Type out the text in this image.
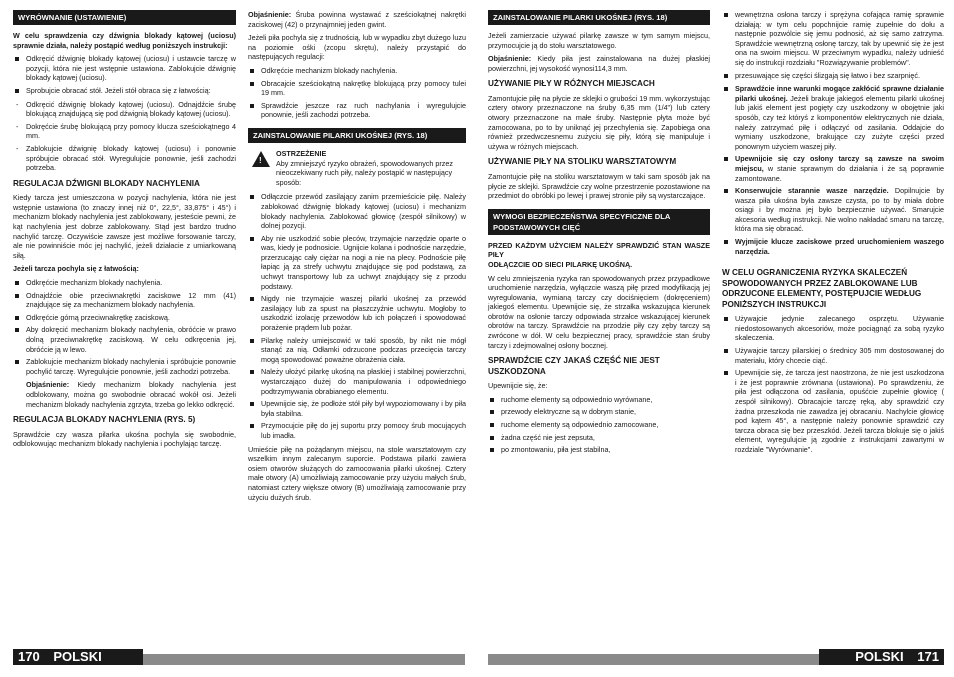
WYRÓWNANIE (USTAWIENIE)

W celu sprawdzenia czy dźwignia blokady kątowej (uciosu) sprawnie działa, należy postąpić według poniższych instrukcji:

Odkręcić dźwignię blokady kątowej (uciosu) i ustawcie tarczę w pozycji, która nie jest wstępnie ustawiona. Zablokujcie dźwignię blokady kątowej (uciosu).
Sprobujcie obracać stół. Jeżeli stół obraca się z łatwością:
- Odkręcić dźwignię blokady kątowej (uciosu). Odnajdźcie śrubę blokującą znajdującą się pod dźwignią blokady kątowej (uciosu).
- Dokręćcie śrubę blokującą przy pomocy klucza sześciokątnego 4 mm.
- Zablokujcie dźwignię blokady kątowej (uciosu) i ponownie spróbujcie obracać stół. Wyregulujcie ponownie, jeśli zachodzi potrzeba.
REGULACJA DŹWIGNI BLOKADY NACHYLENIA

Kiedy tarcza jest umieszczona w pozycji nachylenia, która nie jest wstępnie ustawiona (to znaczy innej niż 0°, 22,5°, 33,875° i 45°) i mechanizm blokady nachylenia jest zablokowany, jesteście pewni, że kąt nachylenia jest dobrze zablokowany. Stąd jest bardzo trudno nachylić tarczę. Oczywiście zawsze jest możliwe forsowanie tarczy, ale nie powinniście móc jej nachylić, jeżeli działacie z umiarkowaną siłą.

Jeżeli tarcza pochyla się z łatwością:

Odkręćcie mechanizm blokady nachylenia.
Odnajdźcie obie przeciwnakrętki zaciskowe 12 mm (41) znajdujące się za mechanizmem blokady nachylenia.
Odkręćcie górną przeciwnakrętkę zaciskową.
Aby dokręcić mechanizm blokady nachylenia, obróćcie w prawo dolną przeciwnakrętkę zaciskową. W celu odkręcenia jej, obróćcie ją w lewo.
Zablokujcie mechanizm blokady nachylenia i spróbujcie ponownie pochylić tarczę. Wyregulujcie ponownie, jeśli zachodzi potrzeba.

Objaśnienie: Kiedy mechanizm blokady nachylenia jest odblokowany, można go swobodnie obracać wokół osi. Jeżeli mechanizm blokady nachylenia zgrzyta, trzeba go lekko odkręcić.

REGULACJA BLOKADY NACHYLENIA (RYS. 5)

Sprawdźcie czy wasza pilarka ukośna pochyla się swobodnie, odblokowując mechanizm blokady nachylenia i pochylając tarczę.

Objaśnienie: Śruba powinna wystawać z sześciokątnej nakrętki zaciskowej (42) o przynajmniej jeden gwint.

Jeżeli piła pochyla się z trudnością, lub w wypadku zbyt dużego luzu na poziomie ośki (zcopu skrętu), należy przystąpić do następujących regulacji:

Odkręćcie mechanizm blokady nachylenia.
Obracajcie sześciokątną nakrętkę blokującą przy pomocy tulei 19 mm.
Sprawdźcie jeszcze raz ruch nachylania i wyregulujcie ponownie, jeśli zachodzi potrzeba.
ZAINSTALOWANIE PILARKI UKOŚNEJ (RYS. 18)
!
OSTRZEŻENIE
Aby zmniejszyć ryzyko obrażeń, spowodowanych przez nieoczekiwany ruch piły, należy postąpić w następujący sposób:
Odłączcie przewód zasilający zanim przemieścicie piłę. Należy zablokować dźwignię blokady kątowej (uciosu) i mechanizm blokady nachylenia. Zablokować głowicę (zespół silnikowy) w dolnej pozycji.
Aby nie uszkodzić sobie pleców, trzymajcie narzędzie oparte o was, kiedy je podnosicie. Ugnijcie kolana i podnoście narzędzie, przerzucając cały ciężar na nogi a nie na plecy. Podnoście piłę łapiąc ją za strefy uchwytu znajdujące się pod podstawą, za uchwyt transportowy lub za uchwyt znajdujący się z przodu podstawy.
Nigdy nie trzymajcie waszej pilarki ukośnej za przewód zasilający lub za spust na płaszczyźnie uchwytu. Mogłoby to uszkodzić izolację przewodów lub ich połączeń i spowodować porażenie prądem lub pożar.
Pilarkę należy umiejscowić w taki sposób, by nikt nie mógł stanąć za nią. Odłamki odrzucone podczas przecięcia tarczy mogą spowodować poważne obrażenia ciała.
Należy ułożyć pilarkę ukośną na płaskiej i stabilnej powierzchni, wystarczająco dużej do manipulowania i odpowiedniego podtrzymywania obrabianego elementu.
Upewnijcie się, że podłoże stół piły był wypoziomowany i by piła była stabilna.
Przymocujcie piłę do jej suportu przy pomocy śrub mocujących lub imadła.

Umieście piłę na pożądanym miejscu, na stole warsztatowym czy wszelkim innym zalecanym suporcie. Podstawa pilarki zawiera osiem otworów służących do zamocowania pilarki ukośnej. Cztery małe otwory (A) umożliwiają zamocowanie przy użyciu małych śrub, natomiast cztery większe otwory (B) umożliwiają zamocowanie przy użyciu dużych śrub.

ZAINSTALOWANIE PILARKI UKOŚNEJ (RYS. 18)

Jeżeli zamierzacie używać pilarkę zawsze w tym samym miejscu, przymocujcie ją do stołu warsztatowego.

Objaśnienie: Kiedy piła jest zainstalowana na dużej płaskiej powierzchni, jej wysokość wynosi114,3 mm.

UŻYWANIE PIŁY W RÓŻNYCH MIEJSCACH

Zamontujcie piłę na płycie ze sklejki o grubości 19 mm. wykorzystując cztery otwory przeznaczone na śruby 6,35 mm (1/4") lub cztery otwory przeznaczone na małe śruby. Następnie płyta może być zamocowana, po to by uniknąć jej przechylenia się. Zapobiega ona również przedwczesnemu zużyciu się piły, którą się manipuluje i używa w różnych miejscach.

UŻYWANIE PIŁY NA STOLIKU WARSZTATOWYM

Zamontujcie piłę na stoliku warsztatowym w taki sam sposób jak na płycie ze sklejki. Sprawdźcie czy wolne przestrzenie pozostawione na przedmiot do obróbki po lewej i prawej stronie piły są wystarczające.

WYMOGI BEZPIECZEŃSTWA SPECYFICZNE DLA PODSTAWOWYCH CIĘĆ

PRZED KAŻDYM UŻYCIEM NALEŻY SPRAWDZIĆ STAN WASZE PIŁY

ODŁĄCZCIE OD SIECI PILARKĘ UKOŚNĄ.

W celu zmniejszenia ryzyka ran spowodowanych przez przypadkowe uruchomienie narzędzia, wyłączcie waszą piłę przed modyfikacją jej wyregulowania, wymianą tarczy czy dociśnięciem (dokręceniem) jakiegoś elementu. Upewnijcie się, że strzałka wskazująca kierunek obrotów na osłonie tarczy odpowiada strzałce wskazującej kierunek obrotów na tarczy. Sprawdźcie na przodzie piły czy zęby tarczy są zwrócone w dół. W celu bezpiecznej pracy, sprawdźcie stan śruby tarczy i zdejmowalnej osłony bocznej.

SPRAWDŹCIE CZY JAKAŚ CZĘŚĆ NIE JEST USZKODZONA

Upewnijcie się, że:

ruchome elementy są odpowiednio wyrównane,
przewody elektryczne są w dobrym stanie,
ruchome elementy są odpowiednio zamocowane,
żadna część nie jest zepsuta,
po zmontowaniu, piła jest stabilna,
wewnętrzna osłona tarczy i sprężyna cofająca ramię sprawnie działają: w tym celu popchnijcie ramię zupełnie do dołu a następnie pozwólcie się jemu podnosić, aż się samo zatrzyma. Sprawdźcie wewnętrzną osłonę tarczy, tak by upewnić się że jest ona na swoim miejscu. W przeciwnym wypadku, należy udnieść się do instrukcji rozdziału "Rozwiązywanie problemów".
przesuwające się części ślizgają się łatwo i bez szarpnięć.
Sprawdźcie inne warunki mogące zakłócić sprawne działanie pilarki ukośnej. Jeżeli brakuje jakiegoś elementu pilarki ukośnej lub jakiś element jest pogięty czy uszkodzony w obojętnie jaki sposób, czy też któryś z komponentów elektrycznych nie działa, należy zatrzymać piłę i odłączyć od zasilania. Oddajcie do wymiany uszkodzone, brakujące czy zużyte części przed ponownym użyciem waszej piły.
Upewnijcie się czy osłony tarczy są zawsze na swoim miejscu, w stanie sprawnym do działania i że są poprawnie zamontowane.
Konserwujcie starannie wasze narzędzie. Dopilnujcie by wasza piła ukośna była zawsze czysta, po to by miała dobre osiągi i by można jej było bezpiecznie używać. Smarujcie akcesoria według instrukcji. Nie wolno nakładać smaru na tarczę, która ma się obracać.
Wyjmijcie klucze zaciskowe przed uruchomieniem waszego narzędzia.
W CELU OGRANICZENIA RYZYKA SKALECZEŃ SPOWODOWANYCH PRZEZ ZABLOKOWANE LUB ODRZUCONE ELEMENTY, POSTĘPUJCIE WEDŁUG PONIŻSZYCH INSTRUKCJI
Używajcie jedynie zalecanego osprzętu. Używanie niedostosowanych akcesoriów, może pociągnąć za sobą ryzyko skaleczenia.
Używajcie tarczy pilarskiej o średnicy 305 mm dostosowanej do materiału, który chcecie ciąć.
Upewnijcie się, że tarcza jest naostrzona, że nie jest uszkodzona i że jest poprawnie zrównana (ustawiona). Po sprawdzeniu, że piła jest odłączona od zasilania, opuśćcie zupełnie głowicę ( zespół silnikowy). Obracajcie tarczę ręką, aby sprawdzić czy żadna przeszkoda nie zawadza jej obracaniu. Nachylcie głowicę pod kątem 45°, a następnie należy ponownie sprawdzić czy tarcza obraca się bez przeszkód. Jeżeli tarcza blokuje się o jakiś element, wyregulujcie ją zgodnie z instrukcjami zawartymi w rozdziale "Wyrównanie".
170 POLSKI	POLSKI 171
